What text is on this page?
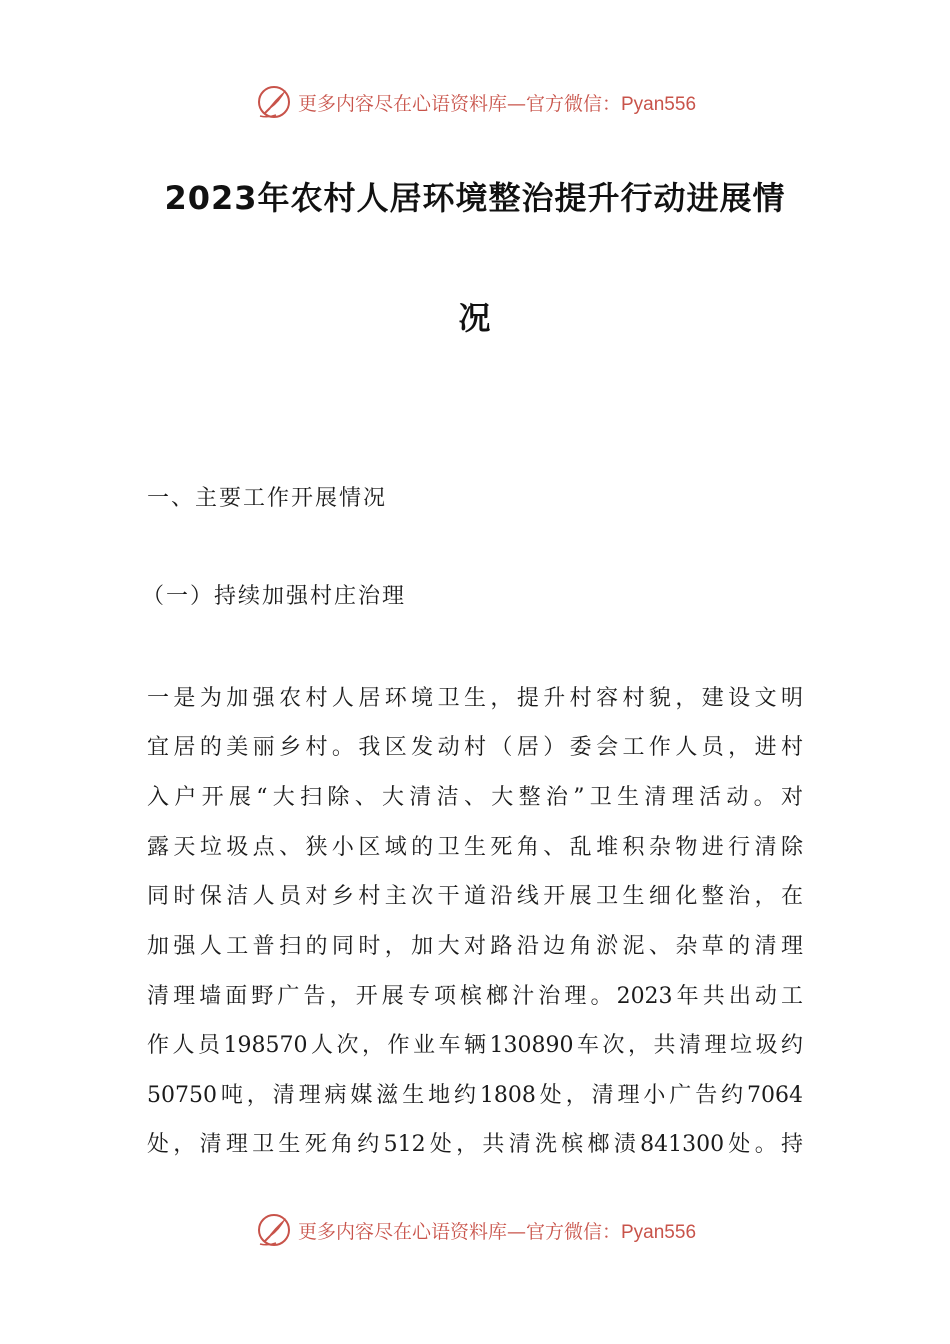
更多内容尽在心语资料库—官方微信：Pyan556
2023年农村人居环境整治提升行动进展情
况
一、主要工作开展情况
（一）持续加强村庄治理
一是为加强农村人居环境卫生，提升村容村貌，建设文明
宜居的美丽乡村。我区发动村（居）委会工作人员，进村
入户开展“大扫除、大清洁、大整治”卫生清理活动。对
露天垃圾点、狭小区域的卫生死角、乱堆积杂物进行清除
同时保洁人员对乡村主次干道沿线开展卫生细化整治，在
加强人工普扫的同时，加大对路沿边角淤泥、杂草的清理
清理墙面野广告，开展专项槟榔汁治理。2023年共出动工
作人员198570人次，作业车辆130890车次，共清理垃圾约
50750吨，清理病媒滋生地约1808处，清理小广告约7064
处，清理卫生死角约512处，共清洗槟榔渍841300处。持
更多内容尽在心语资料库—官方微信：Pyan556
